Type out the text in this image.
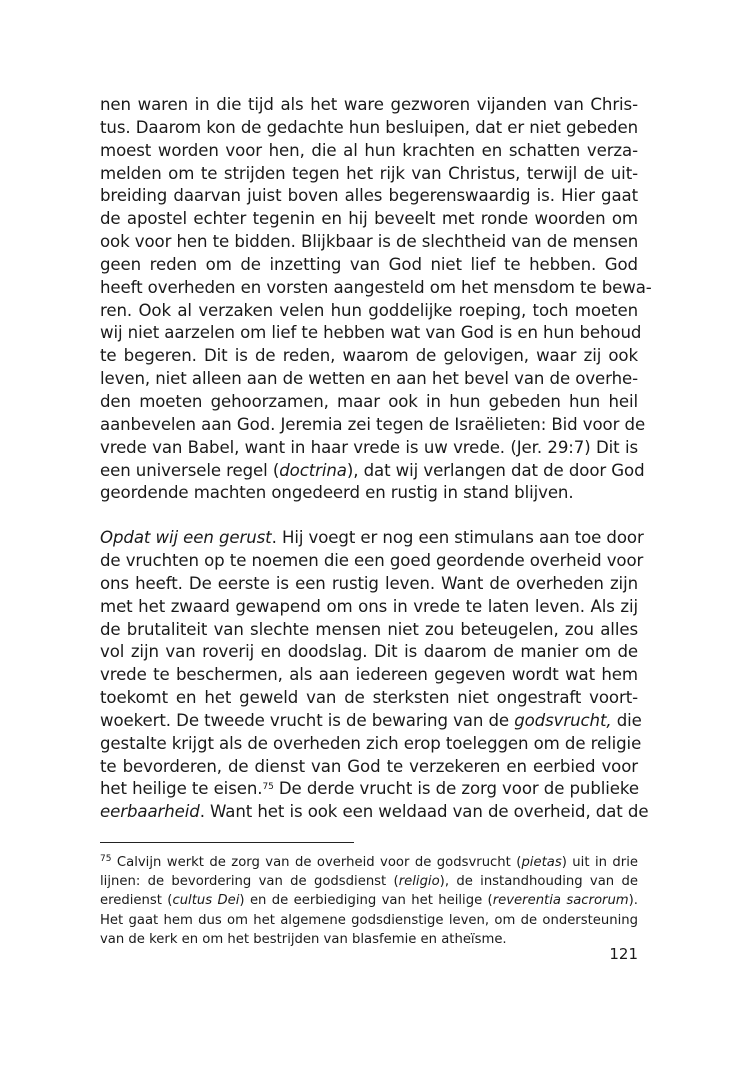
nen waren in die tijd als het ware gezworen vijanden van Chris-
tus. Daarom kon de gedachte hun besluipen, dat er niet gebeden
moest worden voor hen, die al hun krachten en schatten verza-
melden om te strijden tegen het rijk van Christus, terwijl de uit-
breiding daarvan juist boven alles begerenswaardig is. Hier gaat
de apostel echter tegenin en hij beveelt met ronde woorden om
ook voor hen te bidden. Blijkbaar is de slechtheid van de mensen
geen reden om de inzetting van God niet lief te hebben. God
heeft overheden en vorsten aangesteld om het mensdom te bewa-
ren. Ook al verzaken velen hun goddelijke roeping, toch moeten
wij niet aarzelen om lief te hebben wat van God is en hun behoud
te begeren. Dit is de reden, waarom de gelovigen, waar zij ook
leven, niet alleen aan de wetten en aan het bevel van de overhe-
den moeten gehoorzamen, maar ook in hun gebeden hun heil
aanbevelen aan God. Jeremia zei tegen de Israëlieten: Bid voor de
vrede van Babel, want in haar vrede is uw vrede. (Jer. 29:7) Dit is
een universele regel (doctrina), dat wij verlangen dat de door God
geordende machten ongedeerd en rustig in stand blijven.
Opdat wij een gerust. Hij voegt er nog een stimulans aan toe door
de vruchten op te noemen die een goed geordende overheid voor
ons heeft. De eerste is een rustig leven. Want de overheden zijn
met het zwaard gewapend om ons in vrede te laten leven. Als zij
de brutaliteit van slechte mensen niet zou beteugelen, zou alles
vol zijn van roverij en doodslag. Dit is daarom de manier om de
vrede te beschermen, als aan iedereen gegeven wordt wat hem
toekomt en het geweld van de sterksten niet ongestraft voort-
woekert. De tweede vrucht is de bewaring van de godsvrucht, die
gestalte krijgt als de overheden zich erop toeleggen om de religie
te bevorderen, de dienst van God te verzekeren en eerbied voor
het heilige te eisen.$^{75}$ De derde vrucht is de zorg voor de publieke
eerbaarheid. Want het is ook een weldaad van de overheid, dat de
$^{75}$ Calvijn werkt de zorg van de overheid voor de godsvrucht (pietas) uit in drie
lijnen: de bevordering van de godsdienst (religio), de instandhouding van de
eredienst (cultus Dei) en de eerbiediging van het heilige (reverentia sacrorum).
Het gaat hem dus om het algemene godsdienstige leven, om de ondersteuning
van de kerk en om het bestrijden van blasfemie en atheïsme.
121
